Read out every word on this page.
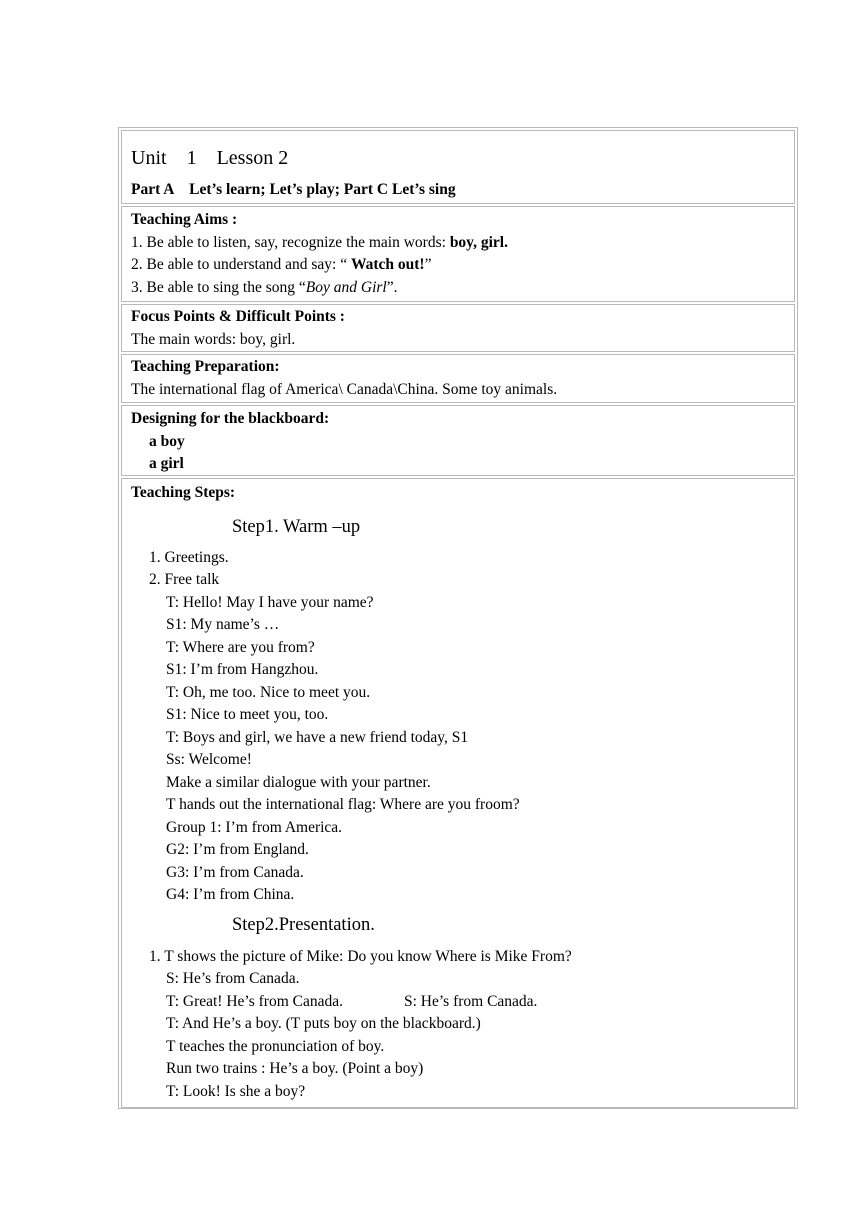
Unit 1 Lesson 2
Part A    Let’s learn; Let’s play; Part C Let’s sing
Teaching Aims :
1. Be able to listen, say, recognize the main words: boy, girl.
2. Be able to understand and say: “ Watch out!”
3. Be able to sing the song “Boy and Girl”.
Focus Points & Difficult Points :
The main words: boy, girl.
Teaching Preparation:
The international flag of America\ Canada\China. Some toy animals.
Designing for the blackboard:
a boy
a girl
Teaching Steps:
Step1. Warm –up
1. Greetings.
2. Free talk
T: Hello! May I have your name?
S1: My name’s …
T: Where are you from?
S1: I’m from Hangzhou.
T: Oh, me too. Nice to meet you.
S1: Nice to meet you, too.
T: Boys and girl, we have a new friend today, S1
Ss: Welcome!
Make a similar dialogue with your partner.
T hands out the international flag: Where are you froom?
Group 1: I’m from America.
G2: I’m from England.
G3: I’m from Canada.
G4: I’m from China.
Step2.Presentation.
1. T shows the picture of Mike: Do you know Where is Mike From?
S: He’s from Canada.
T: Great! He’s from Canada.	S: He’s from Canada.
T: And He’s a boy. (T puts boy on the blackboard.)
T teaches the pronunciation of boy.
Run two trains : He’s a boy. (Point a boy)
T: Look! Is she a boy?
